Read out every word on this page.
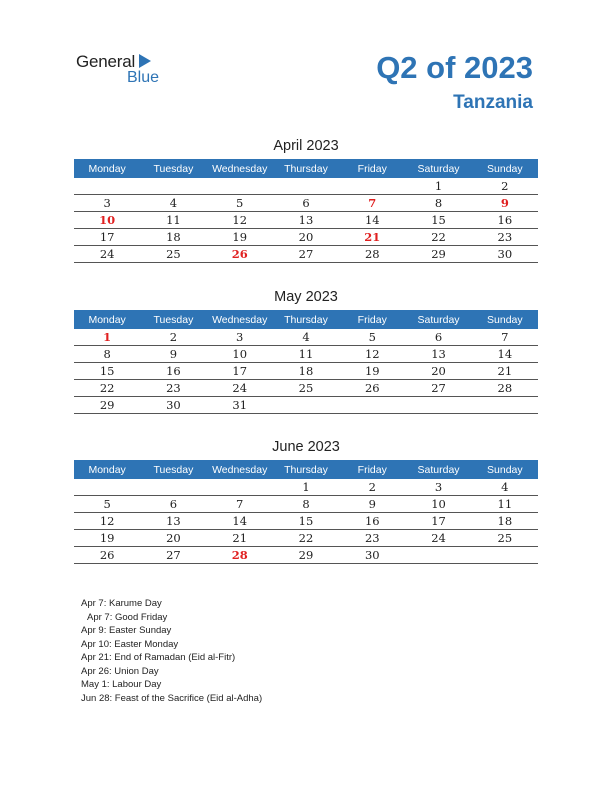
General
Blue	Q2 of 2023
Tanzania
April 2023
Monday	Tuesday	Wednesday	Thursday	Friday	Saturday	Sunday
					1	2
3	4	5	6	7	8	9
10	11	12	13	14	15	16
17	18	19	20	21	22	23
24	25	26	27	28	29	30
May 2023
Monday	Tuesday	Wednesday	Thursday	Friday	Saturday	Sunday
1	2	3	4	5	6	7
8	9	10	11	12	13	14
15	16	17	18	19	20	21
22	23	24	25	26	27	28
29	30	31				
June 2023
Monday	Tuesday	Wednesday	Thursday	Friday	Saturday	Sunday
			1	2	3	4
5	6	7	8	9	10	11
12	13	14	15	16	17	18
19	20	21	22	23	24	25
26	27	28	29	30		
Apr 7: Karume Day
Apr 7: Good Friday
Apr 9: Easter Sunday
Apr 10: Easter Monday
Apr 21: End of Ramadan (Eid al-Fitr)
Apr 26: Union Day
May 1: Labour Day
Jun 28: Feast of the Sacrifice (Eid al-Adha)
